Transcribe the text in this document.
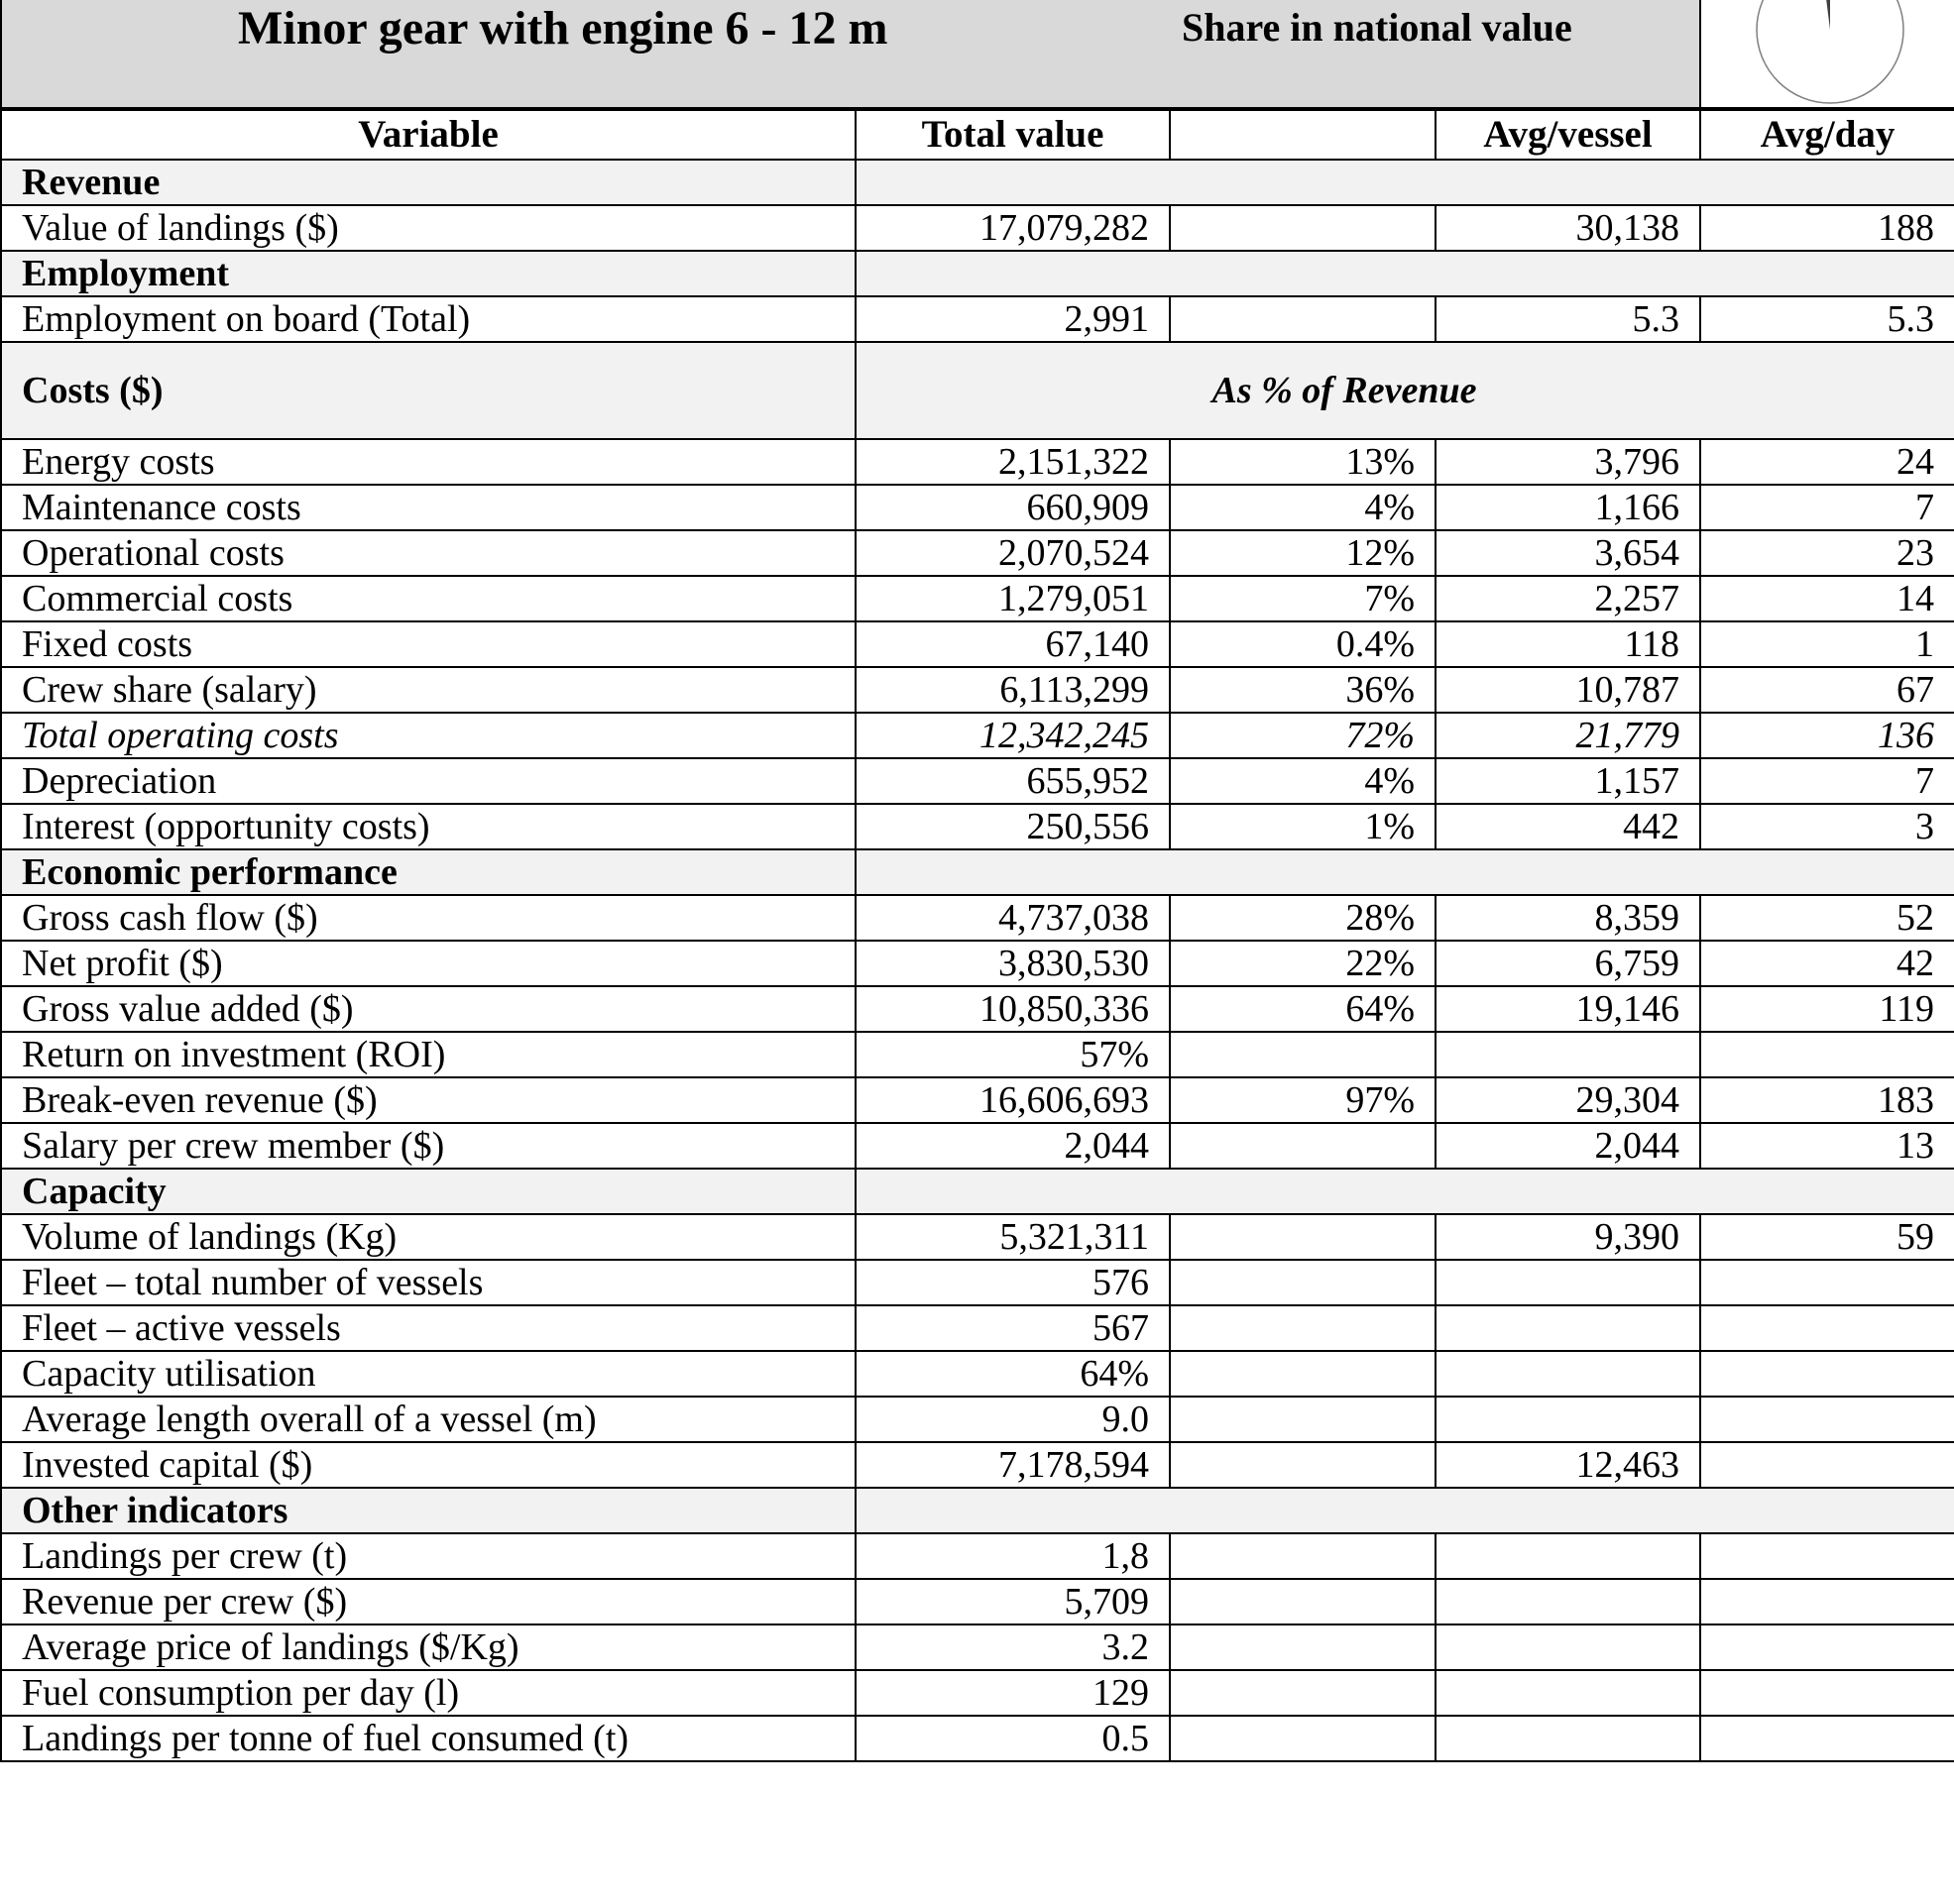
Minor gear with engine 6 - 12 m	Share in national value
Variable	Total value		Avg/vessel	Avg/day
Revenue				
Value of landings ($)	17,079,282		30,138	188
Employment				
Employment on board (Total)	2,991		5.3	5.3
Costs ($)	As % of Revenue			

Energy costs	2,151,322	13%	3,796	24
Maintenance costs	660,909	4%	1,166	7
Operational costs	2,070,524	12%	3,654	23
Commercial costs	1,279,051	7%	2,257	14
Fixed costs	67,140	0.4%	118	1
Crew share (salary)	6,113,299	36%	10,787	67
Total operating costs	12,342,245	72%	21,779	136
Depreciation	655,952	4%	1,157	7
Interest (opportunity costs)	250,556	1%	442	3
Economic performance				
Gross cash flow ($)	4,737,038	28%	8,359	52
Net profit ($)	3,830,530	22%	6,759	42
Gross value added ($)	10,850,336	64%	19,146	119
Return on investment (ROI)	57%			
Break-even revenue ($)	16,606,693	97%	29,304	183
Salary per crew member ($)	2,044		2,044	13
Capacity				
Volume of landings (Kg)	5,321,311		9,390	59
Fleet – total number of vessels	576			
Fleet – active vessels	567			
Capacity utilisation	64%			
Average length overall of a vessel (m)	9.0			
Invested capital ($)	7,178,594		12,463	
Other indicators				
Landings per crew (t)	1,8			
Revenue per crew ($)	5,709			
Average price of landings ($/Kg)	3.2			
Fuel consumption per day (l)	129			
Landings per tonne of fuel consumed (t)	0.5			
